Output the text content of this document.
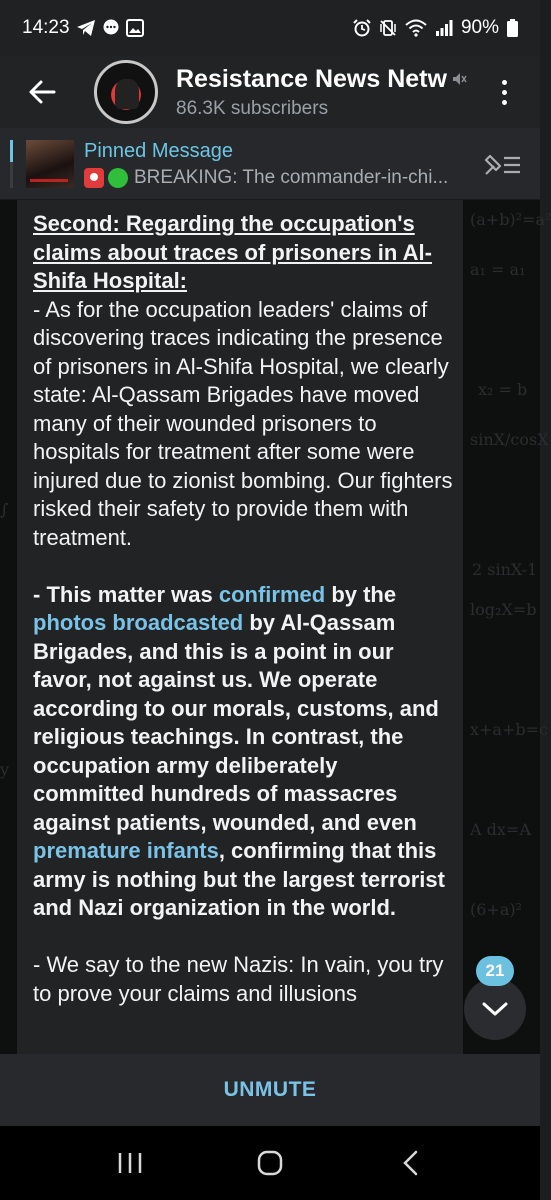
14:23	90%
Resistance News Netw
86.3K subscribers
Pinned Message
BREAKING: The commander-in-chi...
(a+b)²=a²
a₁ = a₁
x₂ = b
sinX/cosX
2 sinX-1
log₂X=b
x+a+b=c
A dx=A
(6+a)²
∫
y

Second: Regarding the occupation's claims about traces of prisoners in Al-Shifa Hospital:

- As for the occupation leaders' claims of discovering traces indicating the presence of prisoners in Al-Shifa Hospital, we clearly state: Al-Qassam Brigades have moved many of their wounded prisoners to hospitals for treatment after some were injured due to zionist bombing. Our fighters risked their safety to provide them with treatment.

- This matter was confirmed by the photos broadcasted by Al-Qassam Brigades, and this is a point in our favor, not against us. We operate according to our morals, customs, and religious teachings. In contrast, the occupation army deliberately committed hundreds of massacres against patients, wounded, and even premature infants, confirming that this army is nothing but the largest terrorist and Nazi organization in the world.

- We say to the new Nazis: In vain, you try to prove your claims and illusions

21
UNMUTE
